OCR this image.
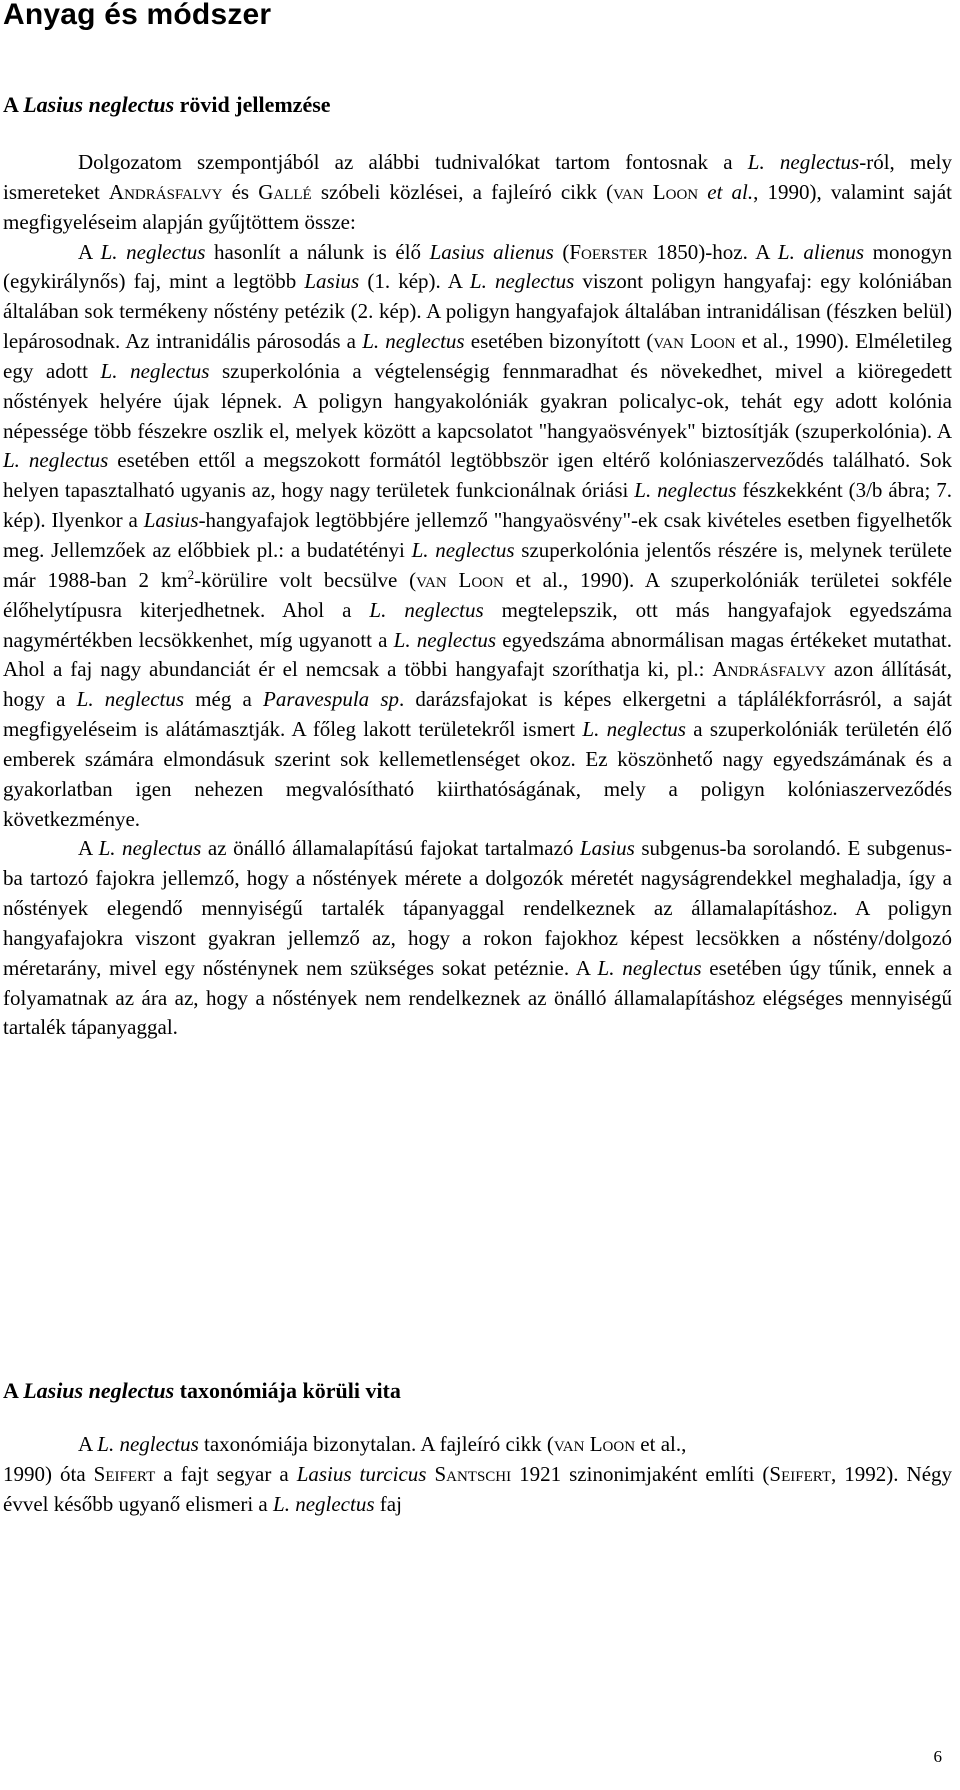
Anyag és módszer
A Lasius neglectus rövid jellemzése

Dolgozatom szempontjából az alábbi tudnivalókat tartom fontosnak a L. neglectus-ról, mely ismereteket Andrásfalvy és Gallé szóbeli közlései, a fajleíró cikk (van Loon et al., 1990), valamint saját megfigyeléseim alapján gyűjtöttem össze:

A L. neglectus hasonlít a nálunk is élő Lasius alienus (Foerster 1850)-hoz. A L. alienus monogyn (egykirálynős) faj, mint a legtöbb Lasius (1. kép). A L. neglectus viszont poligyn hangyafaj: egy kolóniában általában sok termékeny nőstény petézik (2. kép). A poligyn hangyafajok általában intranidálisan (fészken belül) lepárosodnak. Az intranidális párosodás a L. neglectus esetében bizonyított (van Loon et al., 1990). Elméletileg egy adott L. neglectus szuperkolónia a végtelenségig fennmaradhat és növekedhet, mivel a kiöregedett nőstények helyére újak lépnek. A poligyn hangyakolóniák gyakran policalyc-ok, tehát egy adott kolónia népessége több fészekre oszlik el, melyek között a kapcsolatot "hangyaösvények" biztosítják (szuperkolónia). A L. neglectus esetében ettől a megszokott formától legtöbbször igen eltérő kolóniaszerveződés található. Sok helyen tapasztalható ugyanis az, hogy nagy területek funkcionálnak óriási L. neglectus fészkekként (3/b ábra; 7. kép). Ilyenkor a Lasius-hangyafajok legtöbbjére jellemző "hangyaösvény"-ek csak kivételes esetben figyelhetők meg. Jellemzőek az előbbiek pl.: a budatétényi L. neglectus szuperkolónia jelentős részére is, melynek területe már 1988-ban 2 $km^2$-körülire volt becsülve (van Loon et al., 1990). A szuperkolóniák területei sokféle élőhelytípusra kiterjedhetnek. Ahol a L. neglectus megtelepszik, ott más hangyafajok egyedszáma nagymértékben lecsökkenhet, míg ugyanott a L. neglectus egyedszáma abnormálisan magas értékeket mutathat. Ahol a faj nagy abundanciát ér el nemcsak a többi hangyafajt szoríthatja ki, pl.: Andrásfalvy azon állítását, hogy a L. neglectus még a Paravespula sp. darázsfajokat is képes elkergetni a táplálékforrásról, a saját megfigyeléseim is alátámasztják. A főleg lakott területekről ismert L. neglectus a szuperkolóniák területén élő emberek számára elmondásuk szerint sok kellemetlenséget okoz. Ez köszönhető nagy egyedszámának és a gyakorlatban igen nehezen megvalósítható kiirthatóságának, mely a poligyn kolóniaszerveződés következménye.

A L. neglectus az önálló államalapítású fajokat tartalmazó Lasius subgenus-ba sorolandó. E subgenus-ba tartozó fajokra jellemző, hogy a nőstények mérete a dolgozók méretét nagyságrendekkel meghaladja, így a nőstények elegendő mennyiségű tartalék tápanyaggal rendelkeznek az államalapításhoz. A poligyn hangyafajokra viszont gyakran jellemző az, hogy a rokon fajokhoz képest lecsökken a nőstény/dolgozó méretarány, mivel egy nősténynek nem szükséges sokat petéznie. A L. neglectus esetében úgy tűnik, ennek a folyamatnak az ára az, hogy a nőstények nem rendelkeznek az önálló államalapításhoz elégséges mennyiségű tartalék tápanyaggal.

A Lasius neglectus taxonómiája körüli vita

A L. neglectus taxonómiája bizonytalan. A fajleíró cikk (van Loon et al.,
1990) óta Seifert a fajt segyar a Lasius turcicus Santschi 1921 szinonimjaként említi (Seifert, 1992). Négy évvel később ugyanő elismeri a L. neglectus faj

6
